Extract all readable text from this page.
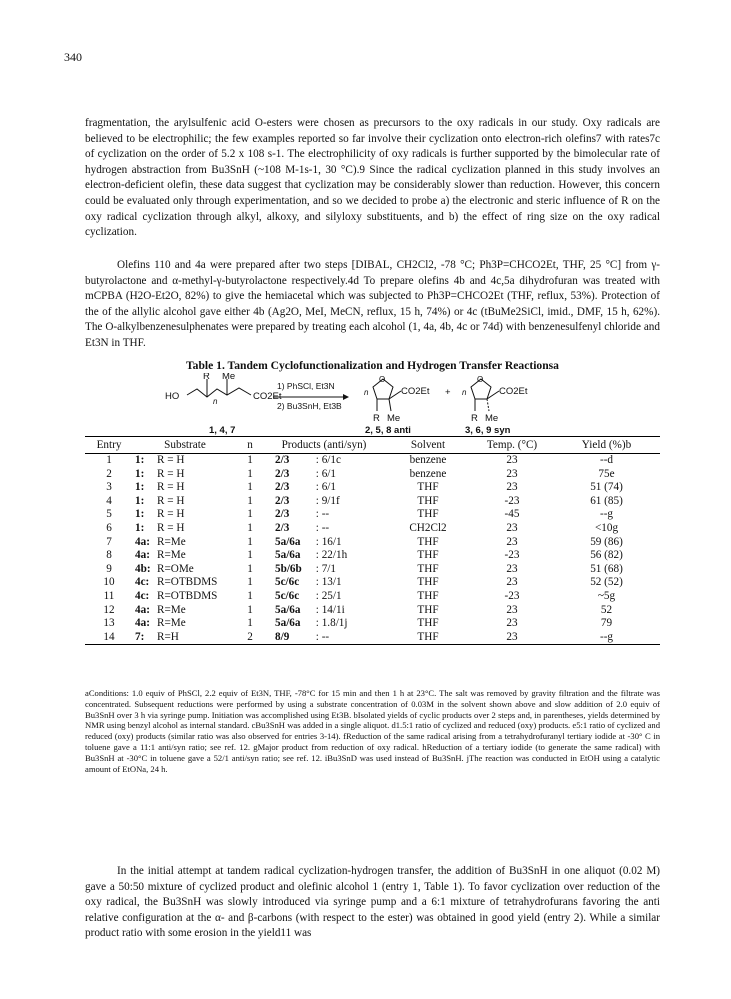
340

fragmentation, the arylsulfenic acid O-esters were chosen as precursors to the oxy radicals in our study. Oxy radicals are believed to be electrophilic; the few examples reported so far involve their cyclization onto electron-rich olefins7 with rates7c of cyclization on the order of 5.2 x 108 s-1. The electrophilicity of oxy radicals is further supported by the bimolecular rate of hydrogen abstraction from Bu3SnH (~108 M-1s-1, 30 °C).9 Since the radical cyclization planned in this study involves an electron-deficient olefin, these data suggest that cyclization may be considerably slower than reduction. However, this concern could be evaluated only through experimentation, and so we decided to probe a) the electronic and steric influence of R on the oxy radical cyclization through alkyl, alkoxy, and silyloxy substituents, and b) the effect of ring size on the oxy radical cyclization.

Olefins 110 and 4a were prepared after two steps [DIBAL, CH2Cl2, -78 °C; Ph3P=CHCO2Et, THF, 25 °C] from γ-butyrolactone and α-methyl-γ-butyrolactone respectively.4d To prepare olefins 4b and 4c,5a dihydrofuran was treated with mCPBA (H2O-Et2O, 82%) to give the hemiacetal which was subjected to Ph3P=CHCO2Et (THF, reflux, 53%). Protection of the of the allylic alcohol gave either 4b (Ag2O, MeI, MeCN, reflux, 15 h, 74%) or 4c (tBuMe2SiCl, imid., DMF, 15 h, 62%). The O-alkylbenzenesulphenates were prepared by treating each alcohol (1, 4a, 4b, 4c or 74d) with benzenesulfenyl chloride and Et3N in THF.

Table 1. Tandem Cyclofunctionalization and Hydrogen Transfer Reactionsa
HO
R Me
n	CO2Et
1) PhSCl, Et3N
2) Bu3SnH, Et3B
O
n	CO2Et
R Me
+
O
n	CO2Et
R Me
1, 4, 7	2, 5, 8 anti	3, 6, 9 syn
Entry	Substrate	n	Products (anti/syn)	Solvent	Temp. (°C)	Yield (%)b
1	1: R = H	1	2/3 : 6/1c	benzene	23	--d
2	1: R = H	1	2/3 : 6/1	benzene	23	75e
3	1: R = H	1	2/3 : 6/1	THF	23	51 (74)
4	1: R = H	1	2/3 : 9/1f	THF	-23	61 (85)
5	1: R = H	1	2/3 : --	THF	-45	--g
6	1: R = H	1	2/3 : --	CH2Cl2	23	<10g
7	4a: R=Me	1	5a/6a : 16/1	THF	23	59 (86)
8	4a: R=Me	1	5a/6a : 22/1h	THF	-23	56 (82)
9	4b: R=OMe	1	5b/6b : 7/1	THF	23	51 (68)
10	4c: R=OTBDMS	1	5c/6c : 13/1	THF	23	52 (52)
11	4c: R=OTBDMS	1	5c/6c : 25/1	THF	-23	~5g
12	4a: R=Me	1	5a/6a : 14/1i	THF	23	52
13	4a: R=Me	1	5a/6a : 1.8/1j	THF	23	79
14	7: R=H	2	8/9 : --	THF	23	--g

aConditions: 1.0 equiv of PhSCl, 2.2 equiv of Et3N, THF, -78°C for 15 min and then 1 h at 23°C. The salt was removed by gravity filtration and the filtrate was concentrated. Subsequent reductions were performed by using a substrate concentration of 0.03M in the solvent shown above and slow addition of 2.0 equiv of Bu3SnH over 3 h via syringe pump. Initiation was accomplished using Et3B. bIsolated yields of cyclic products over 2 steps and, in parentheses, yields determined by NMR using benzyl alcohol as internal standard. cBu3SnH was added in a single aliquot. d1.5:1 ratio of cyclized and reduced (oxy) products. e5:1 ratio of cyclized and reduced (oxy) products (similar ratio was also observed for entries 3-14). fReduction of the same radical arising from a tetrahydrofuranyl tertiary iodide at -30° C in toluene gave a 11:1 anti/syn ratio; see ref. 12. gMajor product from reduction of oxy radical. hReduction of a tertiary iodide (to generate the same radical) with Bu3SnH at -30°C in toluene gave a 52/1 anti/syn ratio; see ref. 12. iBu3SnD was used instead of Bu3SnH. jThe reaction was conducted in EtOH using a catalytic amount of EtONa, 24 h.

In the initial attempt at tandem radical cyclization-hydrogen transfer, the addition of Bu3SnH in one aliquot (0.02 M) gave a 50:50 mixture of cyclized product and olefinic alcohol 1 (entry 1, Table 1). To favor cyclization over reduction of the oxy radical, the Bu3SnH was slowly introduced via syringe pump and a 6:1 mixture of tetrahydrofurans favoring the anti relative configuration at the α- and β-carbons (with respect to the ester) was obtained in good yield (entry 2). While a similar product ratio with some erosion in the yield11 was
